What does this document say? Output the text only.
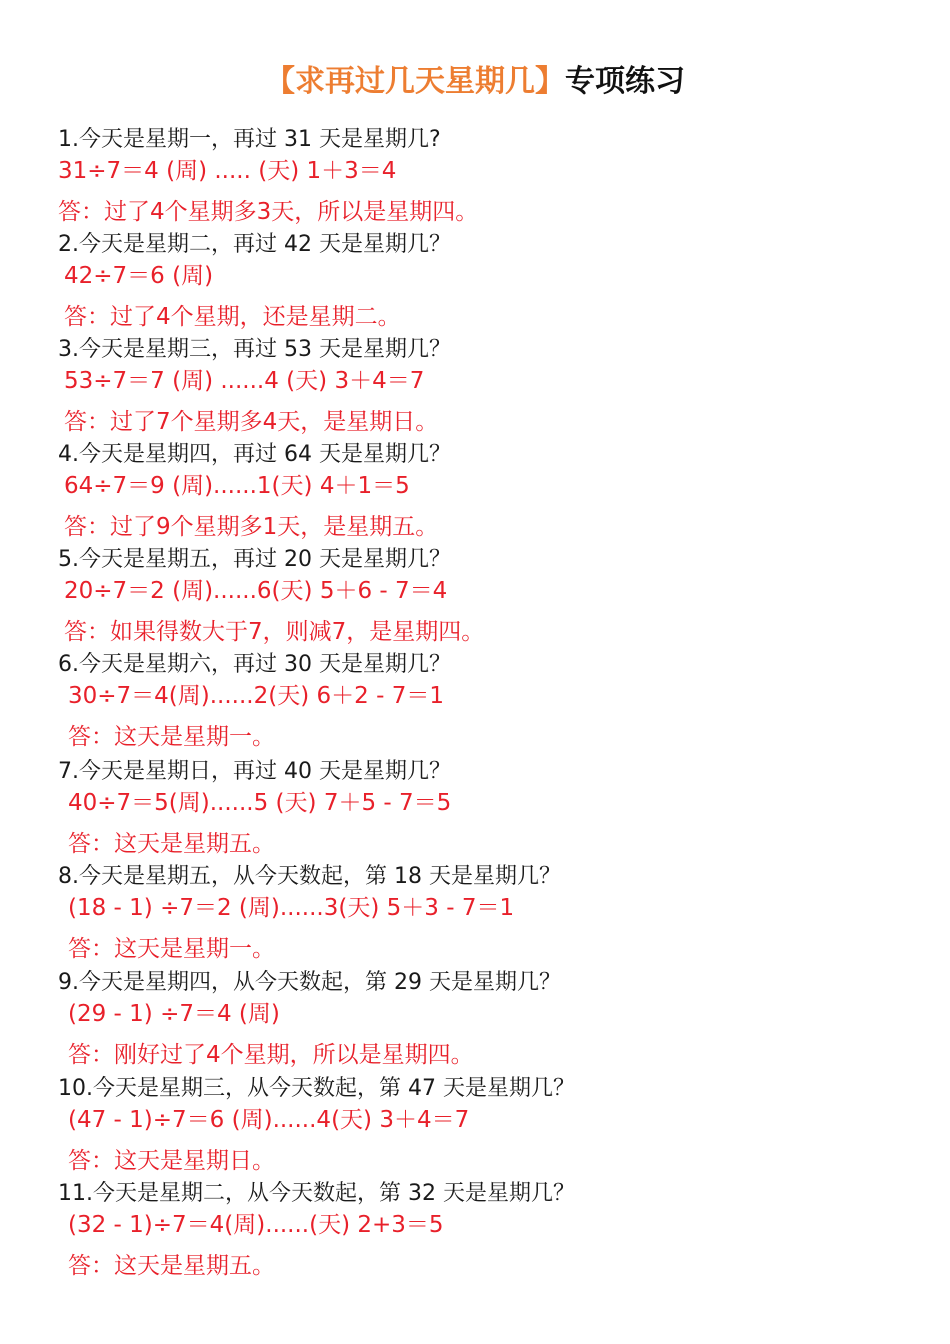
【求再过几天星期几】专项练习
1.今天是星期一，再过 31 天是星期几?
31÷7＝4 (周) ..... (天) 1＋3＝4
答：过了4个星期多3天，所以是星期四。
2.今天是星期二，再过 42 天是星期几？
42÷7＝6 (周)
答：过了4个星期，还是星期二。
3.今天是星期三，再过 53 天是星期几？
53÷7＝7 (周) ......4 (天) 3＋4＝7
答：过了7个星期多4天，是星期日。
4.今天是星期四，再过 64 天是星期几？
64÷7＝9 (周)......1(天) 4＋1＝5
答：过了9个星期多1天，是星期五。
5.今天是星期五，再过 20 天是星期几？
20÷7＝2 (周)......6(天) 5＋6 - 7＝4
答：如果得数大于7，则减7，是星期四。
6.今天是星期六，再过 30 天是星期几？
30÷7＝4(周)......2(天) 6＋2 - 7＝1
答：这天是星期一。
7.今天是星期日，再过 40 天是星期几？
40÷7＝5(周)......5 (天) 7＋5 - 7＝5
答：这天是星期五。
8.今天是星期五，从今天数起，第 18 天是星期几？
(18 - 1) ÷7＝2 (周)......3(天) 5＋3 - 7＝1
答：这天是星期一。
9.今天是星期四，从今天数起，第 29 天是星期几？
(29 - 1) ÷7＝4 (周)
答：刚好过了4个星期，所以是星期四。
10.今天是星期三，从今天数起，第 47 天是星期几？
(47 - 1)÷7＝6 (周)......4(天) 3＋4＝7
答：这天是星期日。
11.今天是星期二，从今天数起，第 32 天是星期几？
(32 - 1)÷7＝4(周)......(天) 2+3＝5
答：这天是星期五。
